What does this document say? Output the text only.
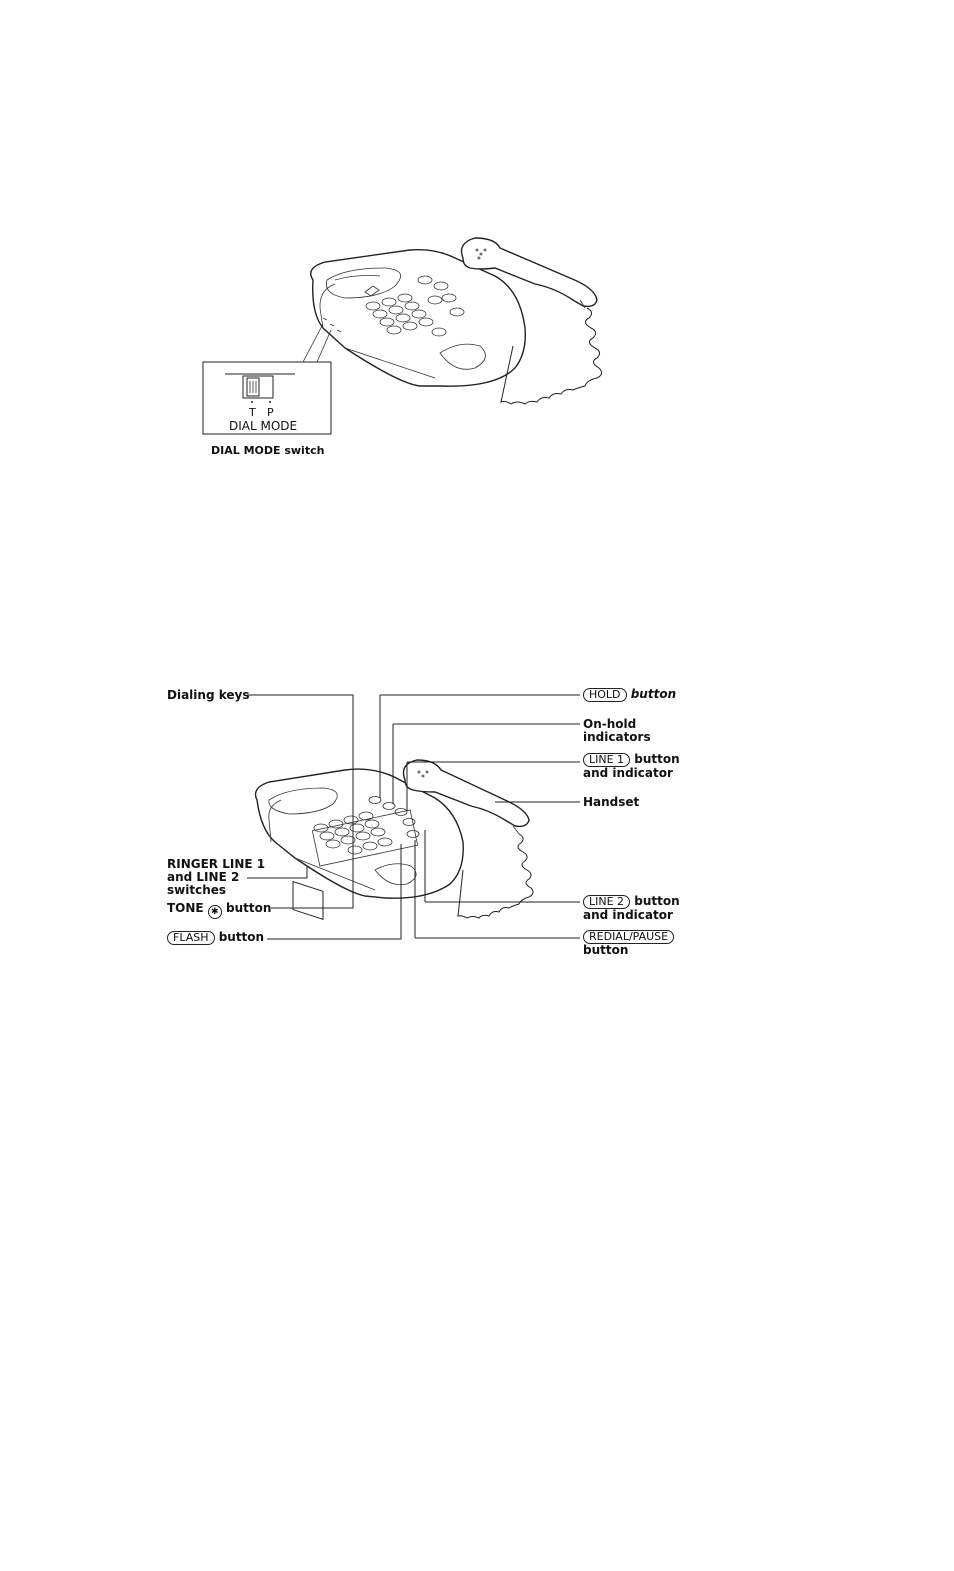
T P
DIAL MODE
DIAL MODE switch
Dialing keys
RINGER LINE 1
and LINE 2
switches
TONE ✱ button
FLASH button
HOLD button
On-hold
indicators
LINE 1 button
and indicator
Handset
LINE 2 button
and indicator
REDIAL/PAUSE
button
